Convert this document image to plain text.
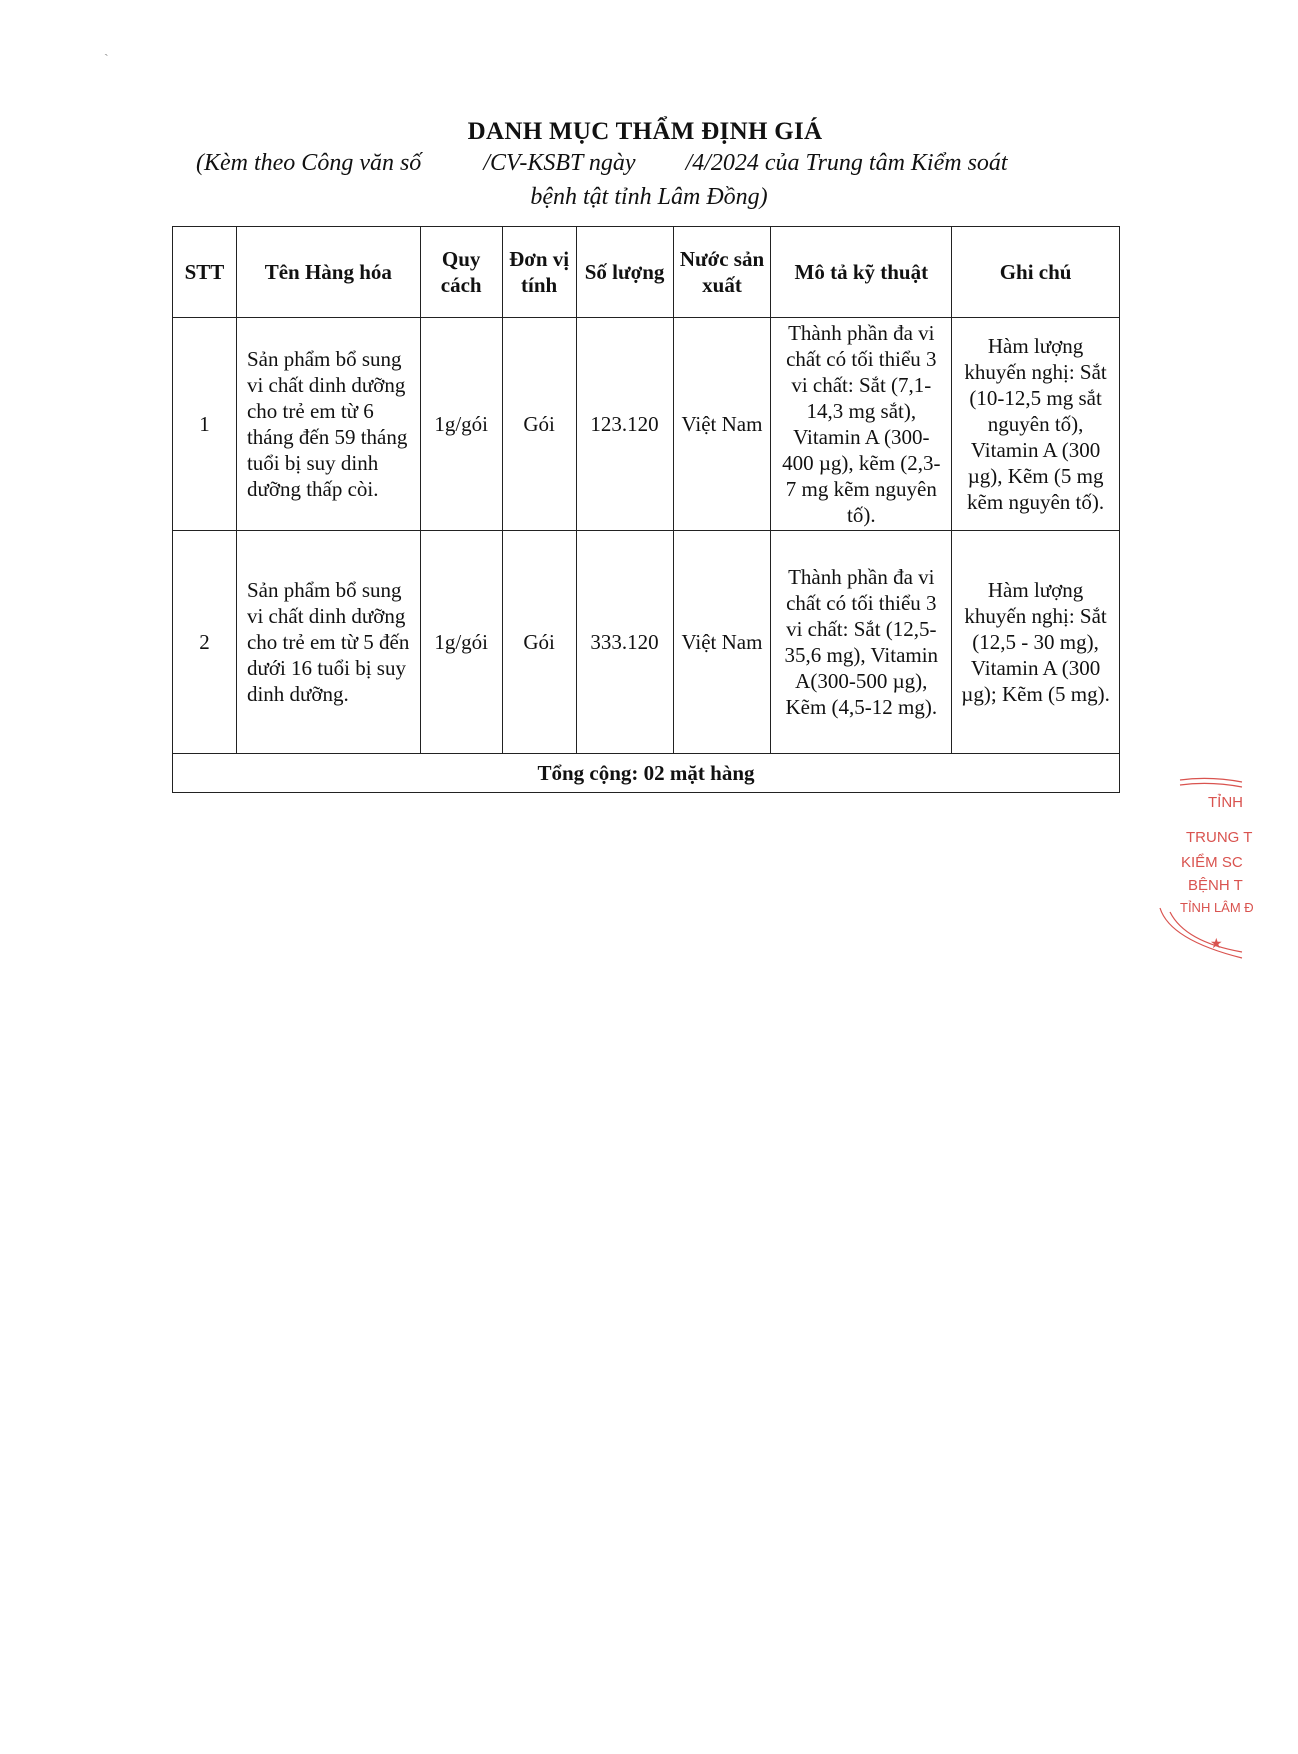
DANH MỤC THẨM ĐỊNH GIÁ
(Kèm theo Công văn số	/CV-KSBT ngày /4/2024 của Trung tâm Kiểm soát
bệnh tật tỉnh Lâm Đồng)
STT	Tên Hàng hóa	Quy cách	Đơn vị tính	Số lượng	Nước sản xuất	Mô tả kỹ thuật	Ghi chú
1	Sản phẩm bổ sung vi chất dinh dưỡng cho trẻ em từ 6 tháng đến 59 tháng tuổi bị suy dinh dưỡng thấp còi.	1g/gói	Gói	123.120	Việt Nam	Thành phần đa vi chất có tối thiểu 3 vi chất: Sắt (7,1-14,3 mg sắt), Vitamin A (300-400 µg), kẽm (2,3-7 mg kẽm nguyên tố).	Hàm lượng khuyến nghị: Sắt (10-12,5 mg sắt nguyên tố), Vitamin A (300 µg), Kẽm (5 mg kẽm nguyên tố).
2	Sản phẩm bổ sung vi chất dinh dưỡng cho trẻ em từ 5 đến dưới 16 tuổi bị suy dinh dưỡng.	1g/gói	Gói	333.120	Việt Nam	Thành phần đa vi chất có tối thiểu 3 vi chất: Sắt (12,5-35,6 mg), Vitamin A(300-500 µg), Kẽm (4,5-12 mg).	Hàm lượng khuyến nghị: Sắt (12,5 - 30 mg), Vitamin A (300 µg); Kẽm (5 mg).
Tổng cộng: 02 mặt hàng							
TỈNH
TRUNG T
KIỂM SC
BỆNH T
TỈNH LÂM Đ
★
ˏ
